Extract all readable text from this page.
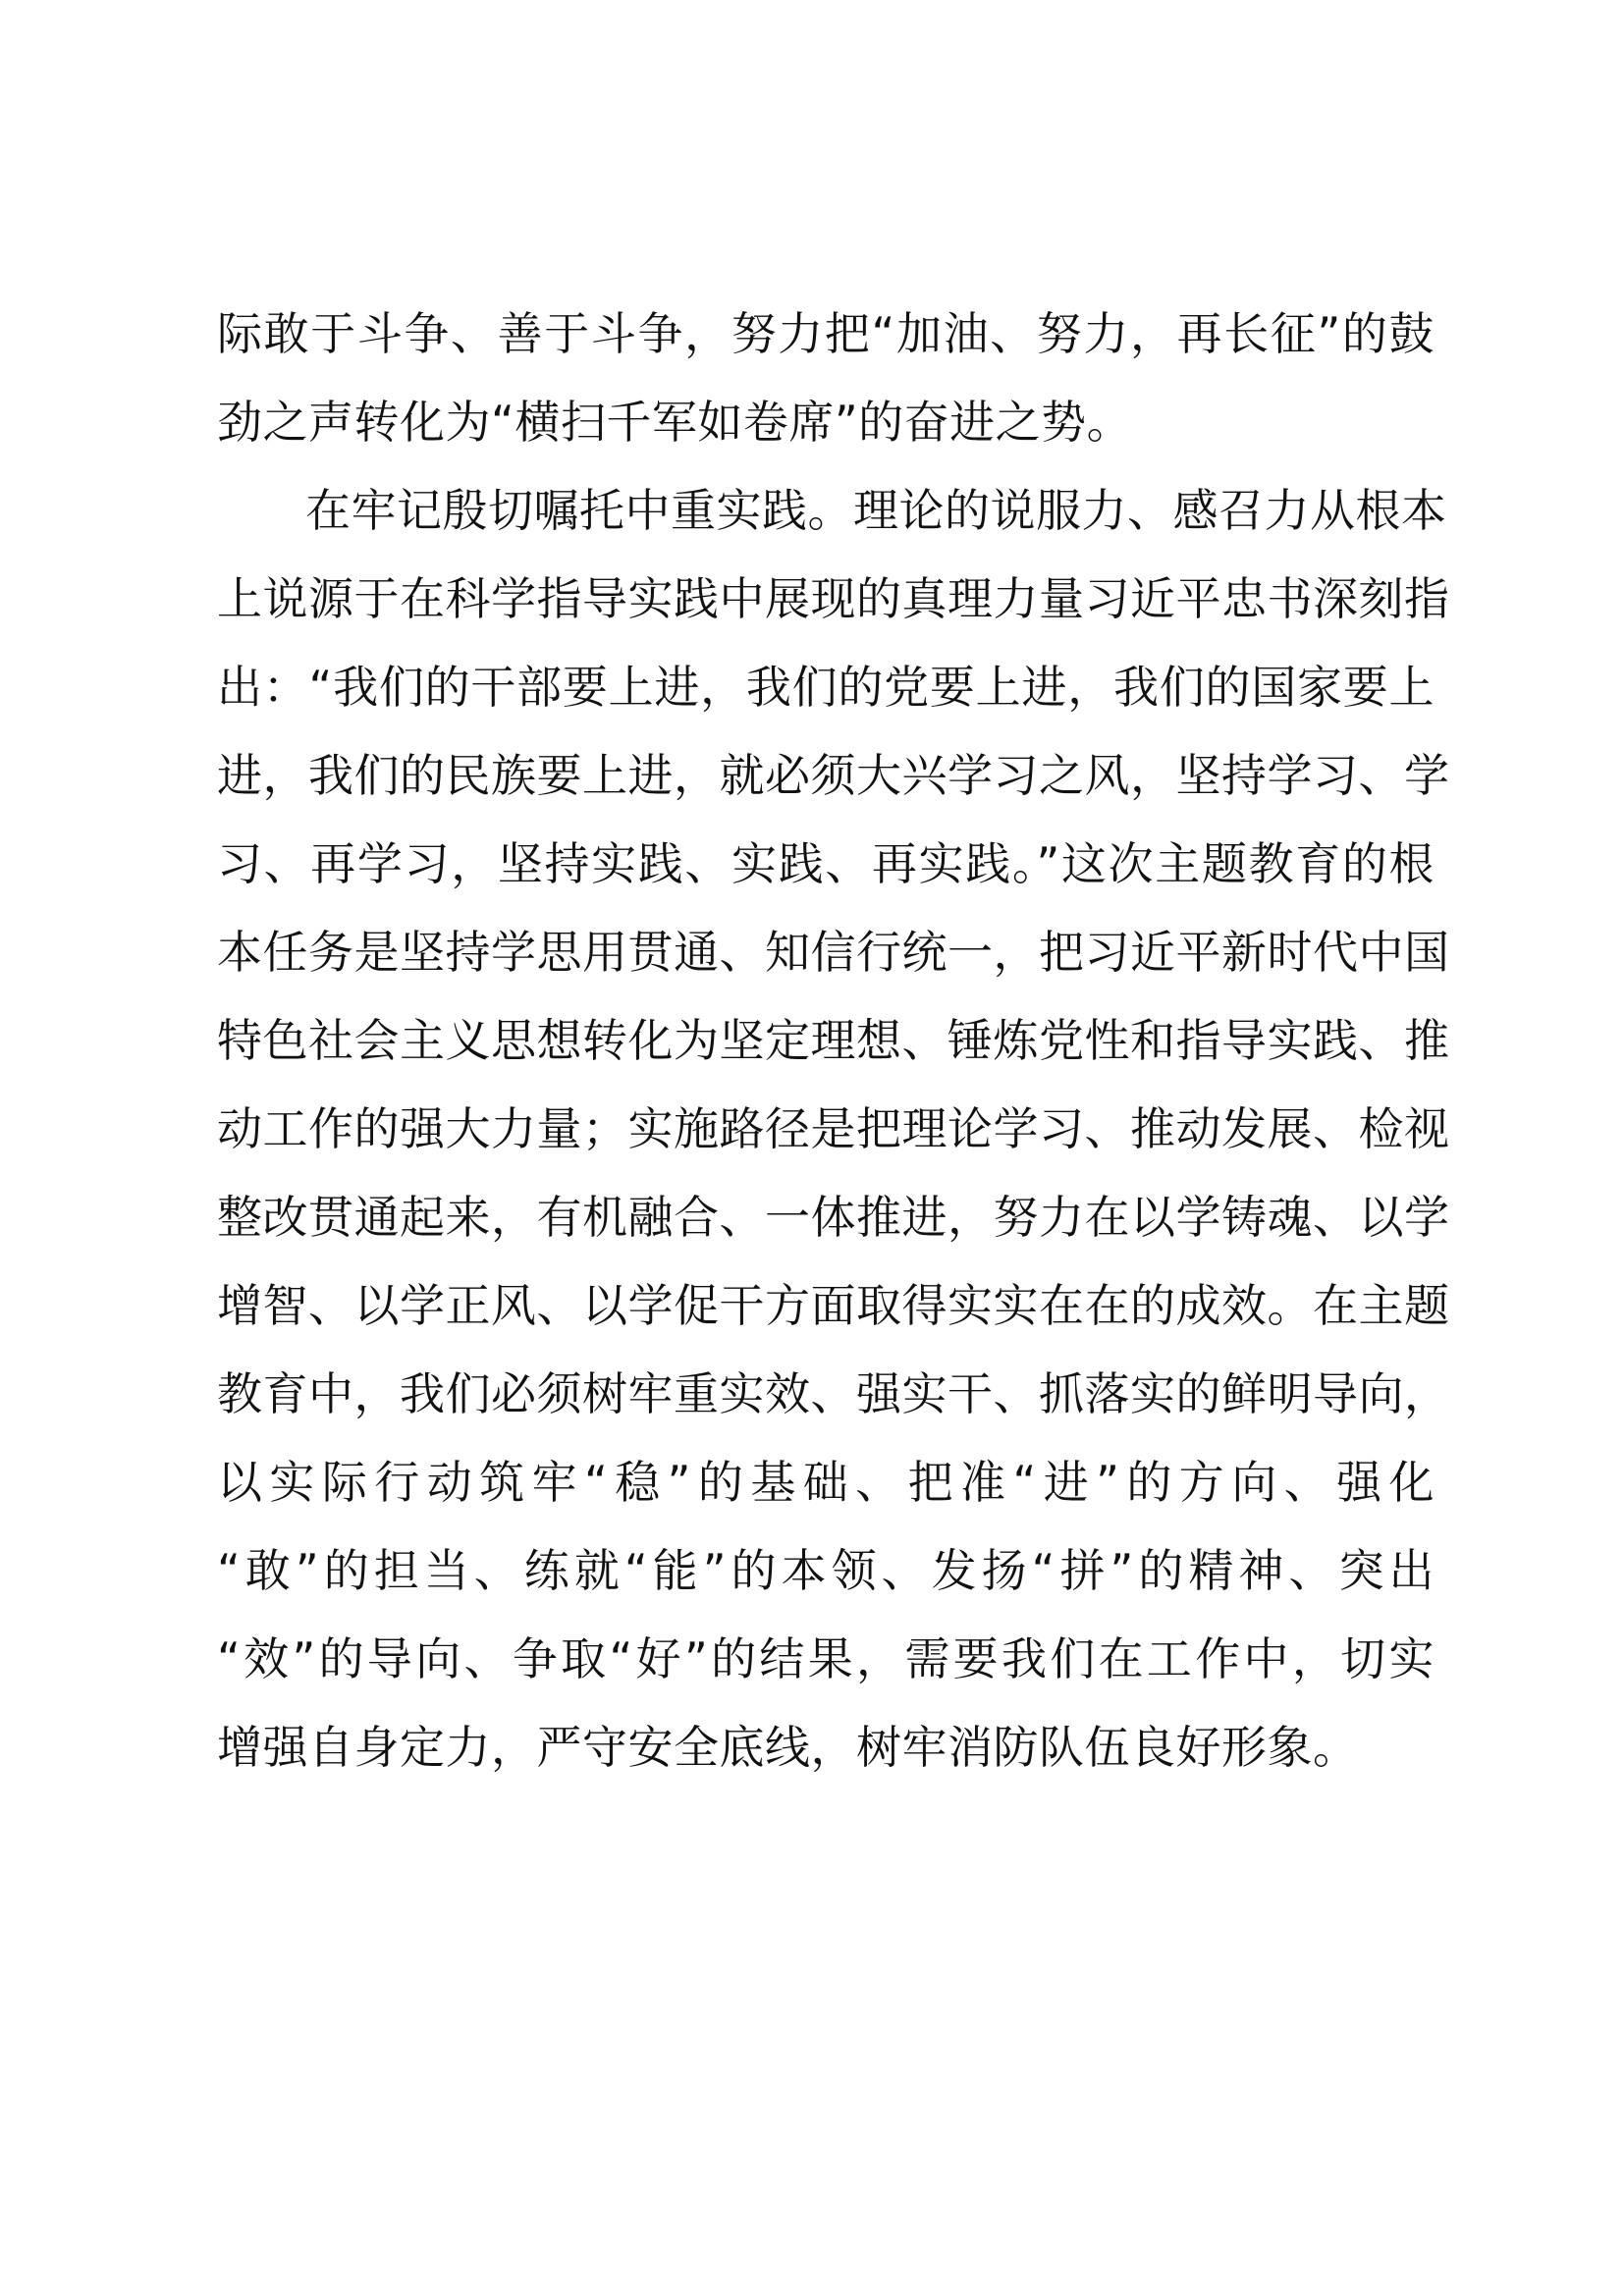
际敢于斗争、善于斗争，努力把“加油、努力，再长征”的鼓
劲之声转化为“横扫千军如卷席”的奋进之势。
在牢记殷切嘱托中重实践。理论的说服力、感召力从根本
上说源于在科学指导实践中展现的真理力量习近平忠书深刻指
出：“我们的干部要上进，我们的党要上进，我们的国家要上
进，我们的民族要上进，就必须大兴学习之风，坚持学习、学
习、再学习，坚持实践、实践、再实践。”这次主题教育的根
本任务是坚持学思用贯通、知信行统一，把习近平新时代中国
特色社会主义思想转化为坚定理想、锤炼党性和指导实践、推
动工作的强大力量；实施路径是把理论学习、推动发展、检视
整改贯通起来，有机融合、一体推进，努力在以学铸魂、以学
增智、以学正风、以学促干方面取得实实在在的成效。在主题
教育中，我们必须树牢重实效、强实干、抓落实的鲜明导向，
以实际行动筑牢“稳”的基础、把准“进”的方向、强化
“敢”的担当、练就“能”的本领、发扬“拼”的精神、突出
“效”的导向、争取“好”的结果，需要我们在工作中，切实
增强自身定力，严守安全底线，树牢消防队伍良好形象。
